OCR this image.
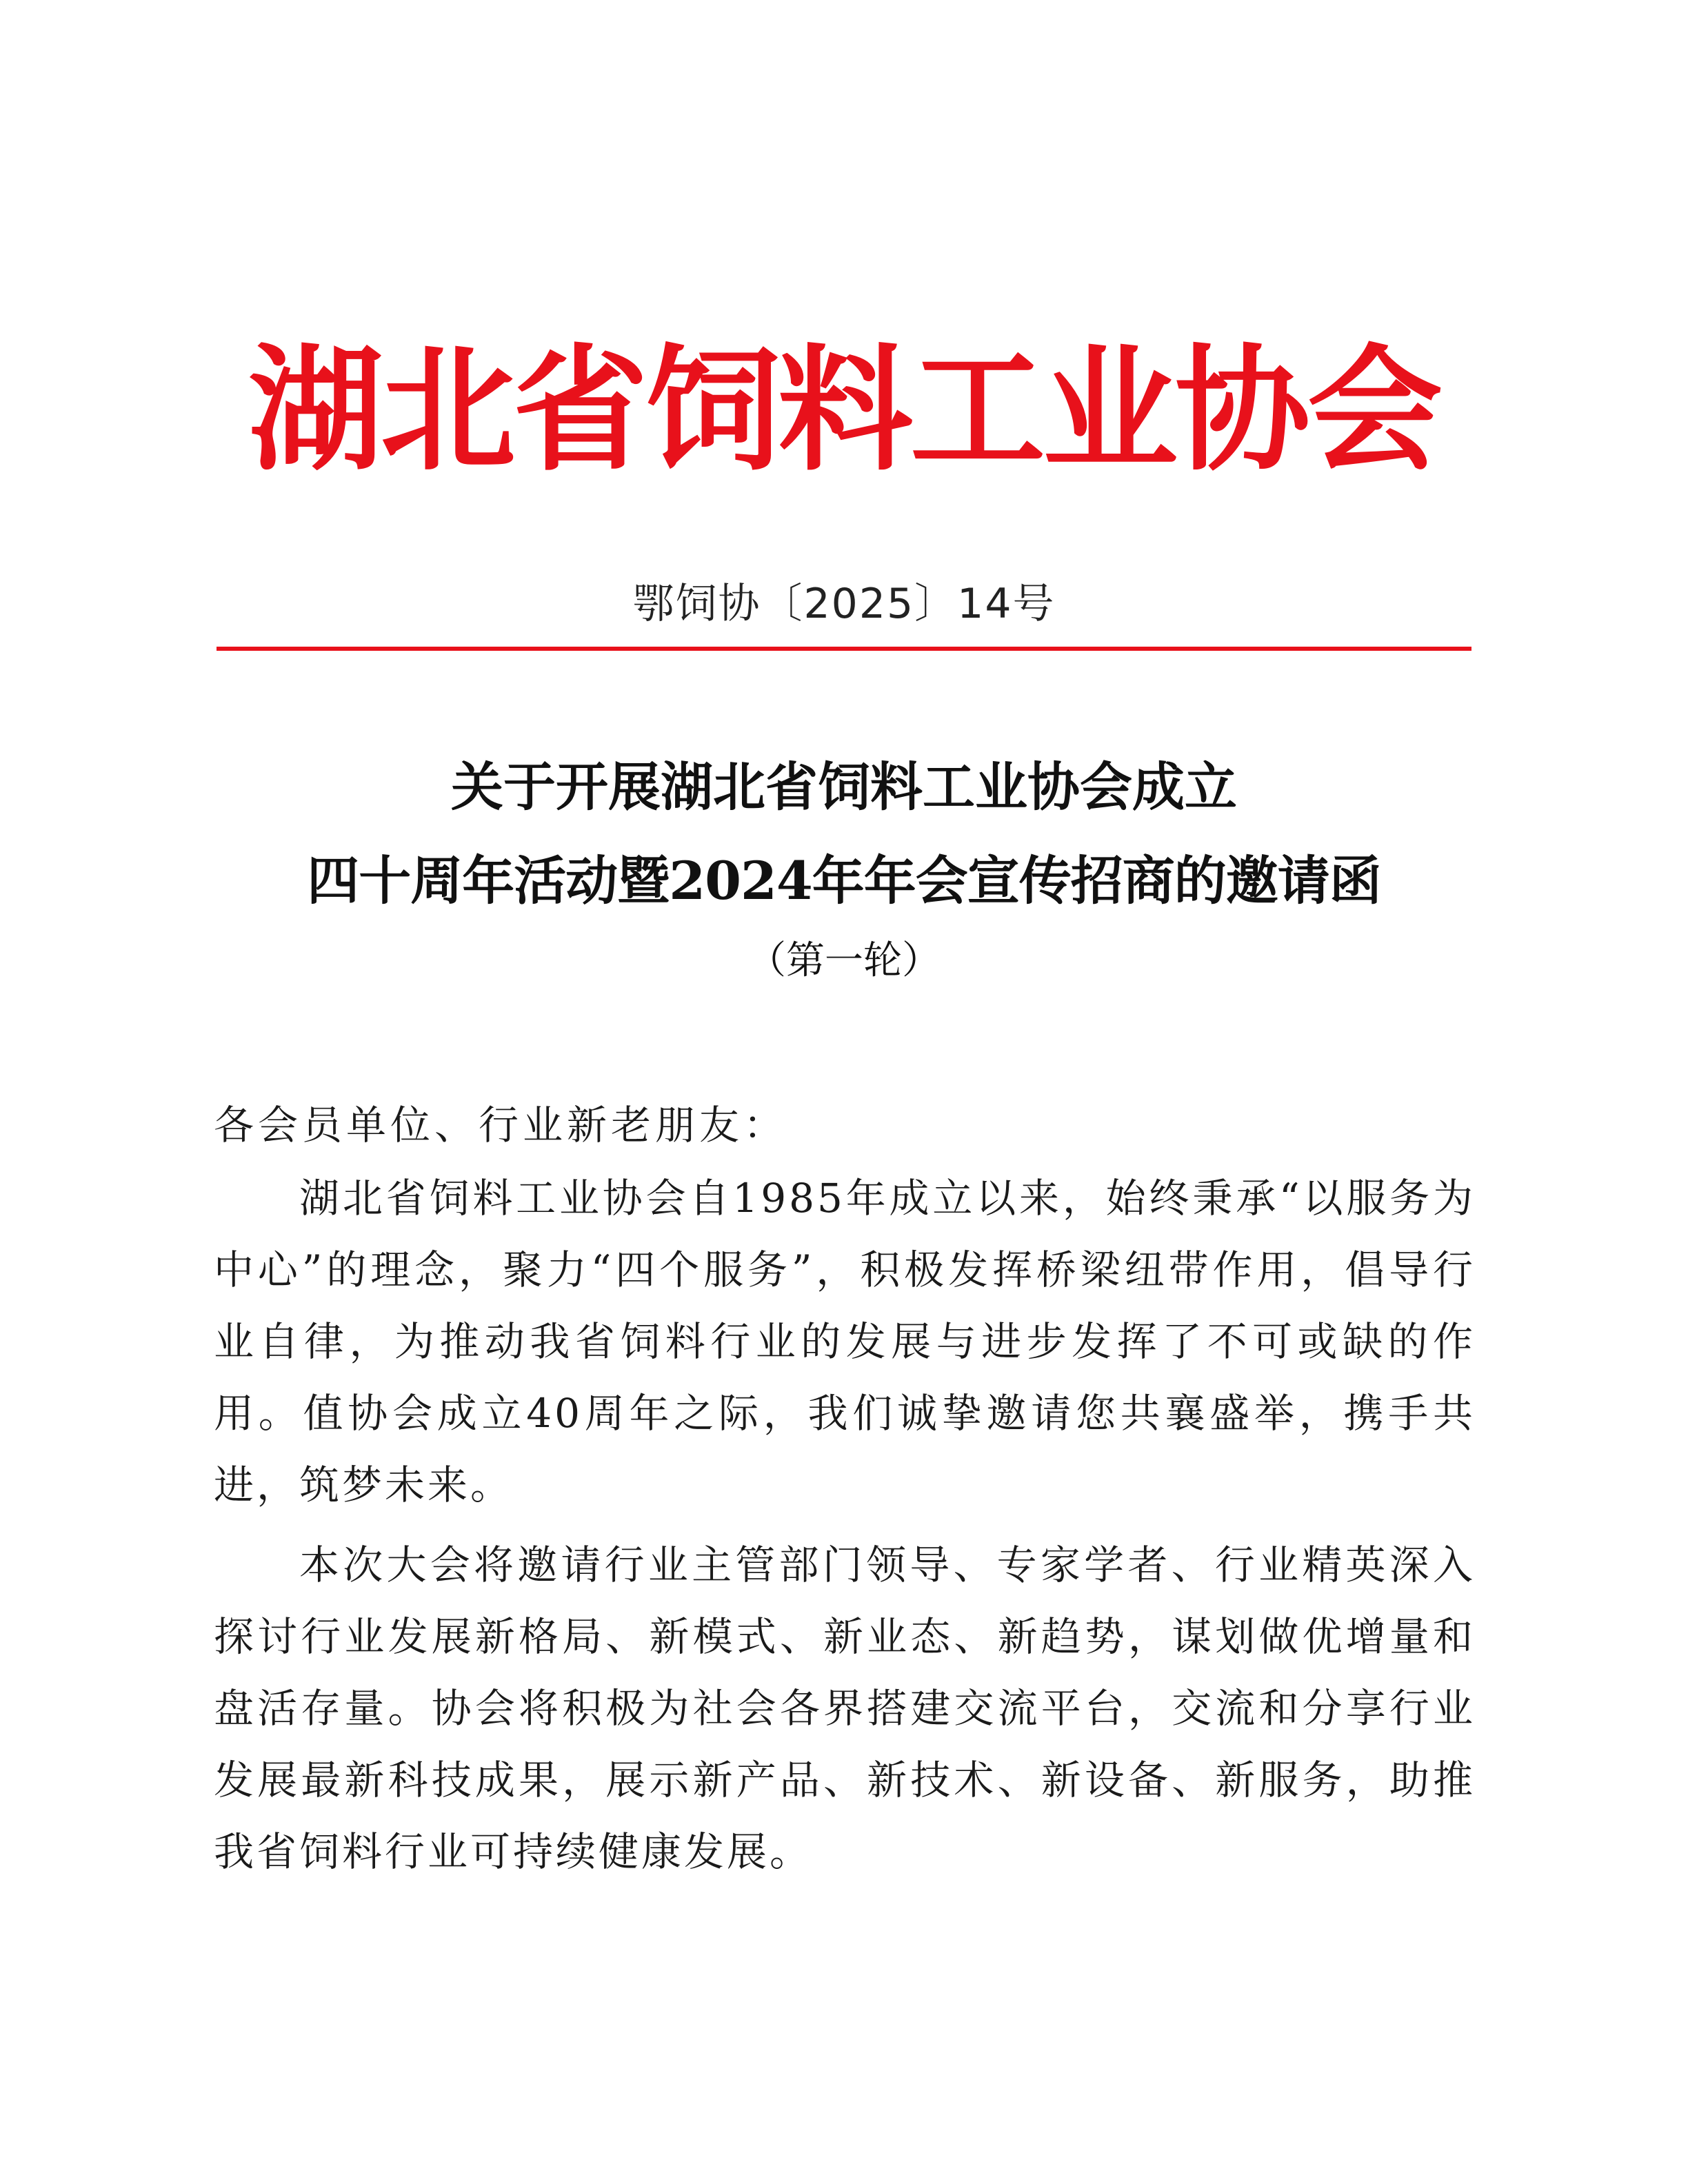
湖北省饲料工业协会
鄂饲协〔2025〕14号
关于开展湖北省饲料工业协会成立
四十周年活动暨2024年年会宣传招商的邀请函
（第一轮）
各会员单位、行业新老朋友：

湖北省饲料工业协会自1985年成立以来，始终秉承“以服务为中心”的理念，聚力“四个服务”，积极发挥桥梁纽带作用，倡导行业自律，为推动我省饲料行业的发展与进步发挥了不可或缺的作用。值协会成立40周年之际，我们诚挚邀请您共襄盛举，携手共进，筑梦未来。

本次大会将邀请行业主管部门领导、专家学者、行业精英深入探讨行业发展新格局、新模式、新业态、新趋势，谋划做优增量和盘活存量。协会将积极为社会各界搭建交流平台，交流和分享行业发展最新科技成果，展示新产品、新技术、新设备、新服务，助推我省饲料行业可持续健康发展。
